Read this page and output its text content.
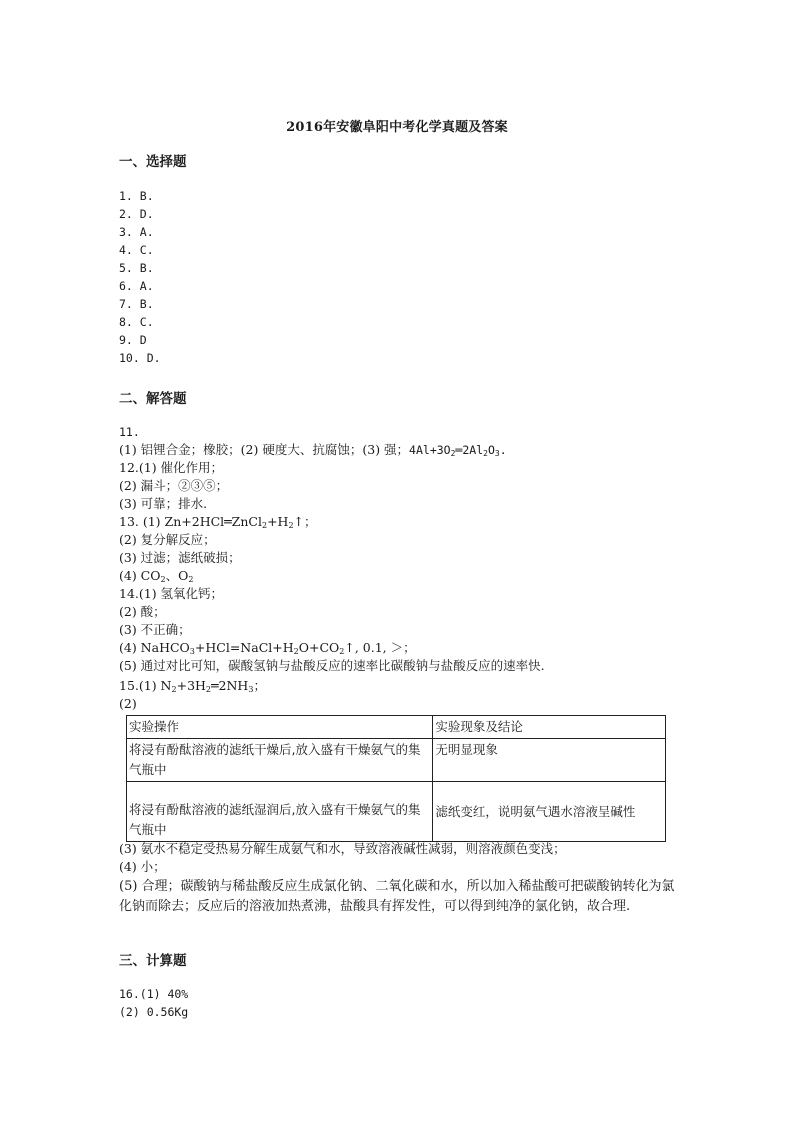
2016年安徽阜阳中考化学真题及答案
一、选择题
1. B.
2. D.
3. A.
4. C.
5. B.
6. A.
7. B.
8. C.
9. D
10. D.
二、解答题
11.
(1) 铝锂合金；橡胶；(2) 硬度大、抗腐蚀；(3) 强；$4Al+3O_2═2Al_2O_3$.
12.(1) 催化作用；
(2) 漏斗；②③⑤；
(3) 可靠；排水.
13. (1) $Zn+2HCl═ZnCl_2+H_2↑$；
(2) 复分解反应；
(3) 过滤；滤纸破损；
(4) $CO_2$、$O_2$
14.(1) 氢氧化钙；
(2) 酸；
(3) 不正确；
(4) $NaHCO_3+HCl=NaCl+H_2O+CO_2↑$, 0.1, ＞；
(5) 通过对比可知，碳酸氢钠与盐酸反应的速率比碳酸钠与盐酸反应的速率快.
15.(1) $N_2+3H_2═2NH_3$；
(2)
实验操作	实验现象及结论
将浸有酚酞溶液的滤纸干燥后,放入盛有干燥氨气的集气瓶中	无明显现象
将浸有酚酞溶液的滤纸湿润后,放入盛有干燥氨气的集气瓶中	滤纸变红，说明氨气遇水溶液呈碱性
(3) 氨水不稳定受热易分解生成氨气和水，导致溶液碱性减弱，则溶液颜色变浅；
(4) 小；
(5) 合理；碳酸钠与稀盐酸反应生成氯化钠、二氧化碳和水，所以加入稀盐酸可把碳酸钠转化为氯化钠而除去；反应后的溶液加热煮沸，盐酸具有挥发性，可以得到纯净的氯化钠，故合理.
三、计算题
16.(1) 40%
(2) 0.56Kg
